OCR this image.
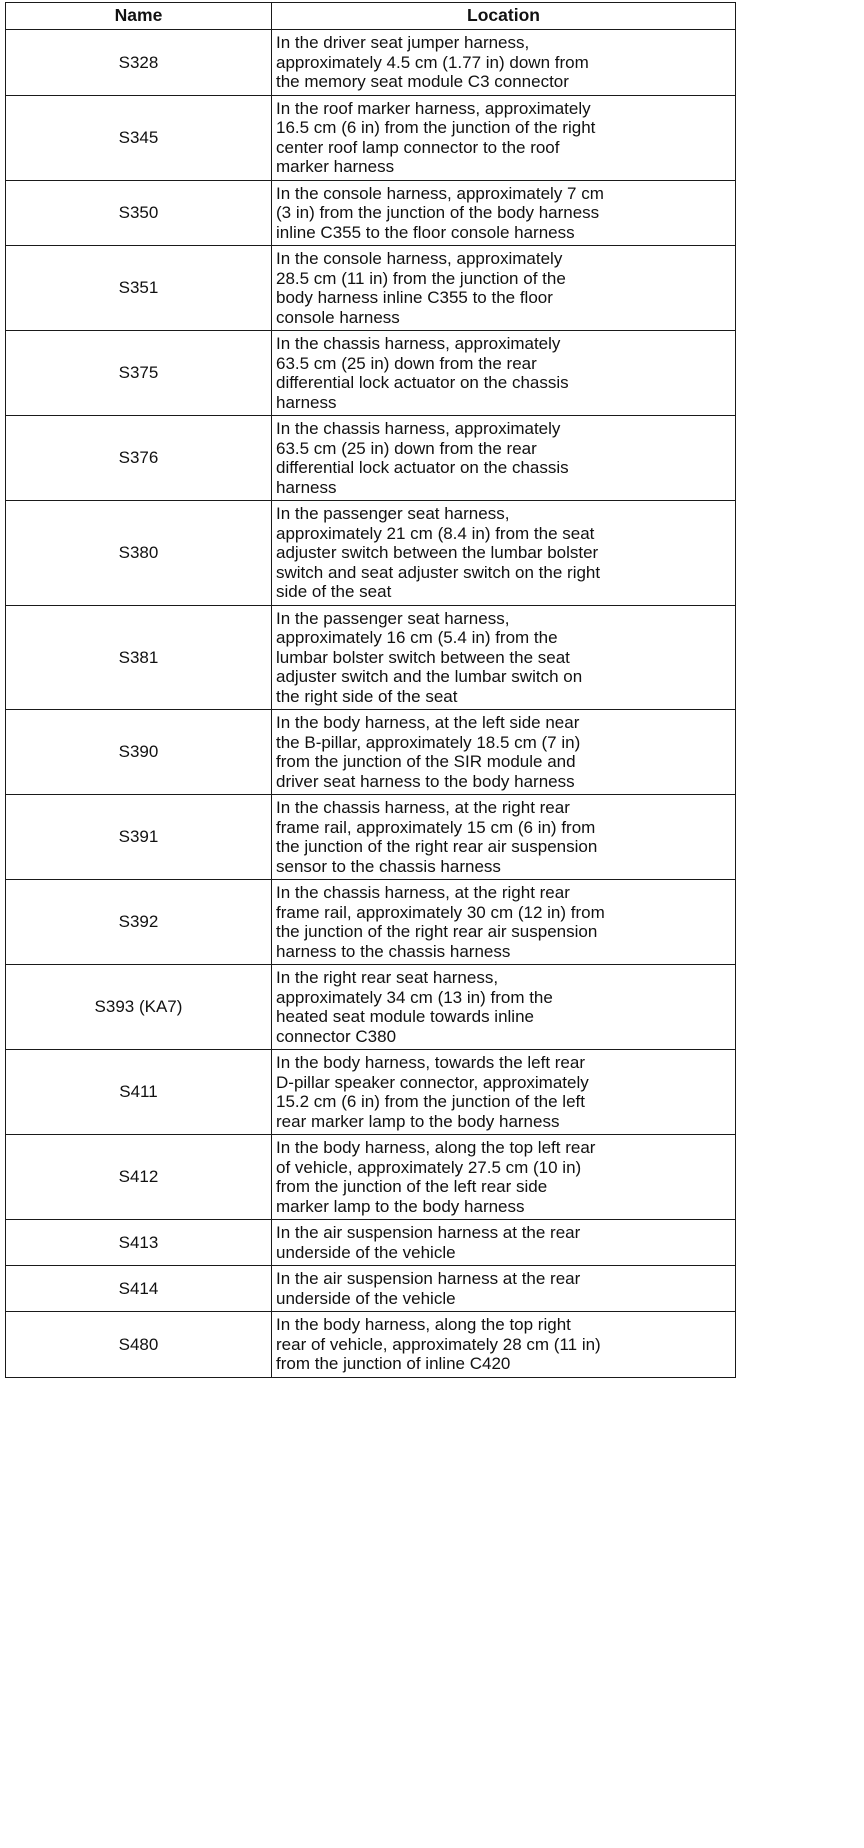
Name	Location
S328	In the driver seat jumper harness,
approximately 4.5 cm (1.77 in) down from
the memory seat module C3 connector

S345	In the roof marker harness, approximately
16.5 cm (6 in) from the junction of the right
center roof lamp connector to the roof
marker harness

S350	In the console harness, approximately 7 cm
(3 in) from the junction of the body harness
inline C355 to the floor console harness

S351	In the console harness, approximately
28.5 cm (11 in) from the junction of the
body harness inline C355 to the floor
console harness

S375	In the chassis harness, approximately
63.5 cm (25 in) down from the rear
differential lock actuator on the chassis
harness

S376	In the chassis harness, approximately
63.5 cm (25 in) down from the rear
differential lock actuator on the chassis
harness

S380	In the passenger seat harness,
approximately 21 cm (8.4 in) from the seat
adjuster switch between the lumbar bolster
switch and seat adjuster switch on the right
side of the seat

S381	In the passenger seat harness,
approximately 16 cm (5.4 in) from the
lumbar bolster switch between the seat
adjuster switch and the lumbar switch on
the right side of the seat

S390	In the body harness, at the left side near
the B-pillar, approximately 18.5 cm (7 in)
from the junction of the SIR module and
driver seat harness to the body harness

S391	In the chassis harness, at the right rear
frame rail, approximately 15 cm (6 in) from
the junction of the right rear air suspension
sensor to the chassis harness

S392	In the chassis harness, at the right rear
frame rail, approximately 30 cm (12 in) from
the junction of the right rear air suspension
harness to the chassis harness

S393 (KA7)	In the right rear seat harness,
approximately 34 cm (13 in) from the
heated seat module towards inline
connector C380

S411	In the body harness, towards the left rear
D-pillar speaker connector, approximately
15.2 cm (6 in) from the junction of the left
rear marker lamp to the body harness

S412	In the body harness, along the top left rear
of vehicle, approximately 27.5 cm (10 in)
from the junction of the left rear side
marker lamp to the body harness

S413	In the air suspension harness at the rear
underside of the vehicle

S414	In the air suspension harness at the rear
underside of the vehicle

S480	In the body harness, along the top right
rear of vehicle, approximately 28 cm (11 in)
from the junction of inline C420
